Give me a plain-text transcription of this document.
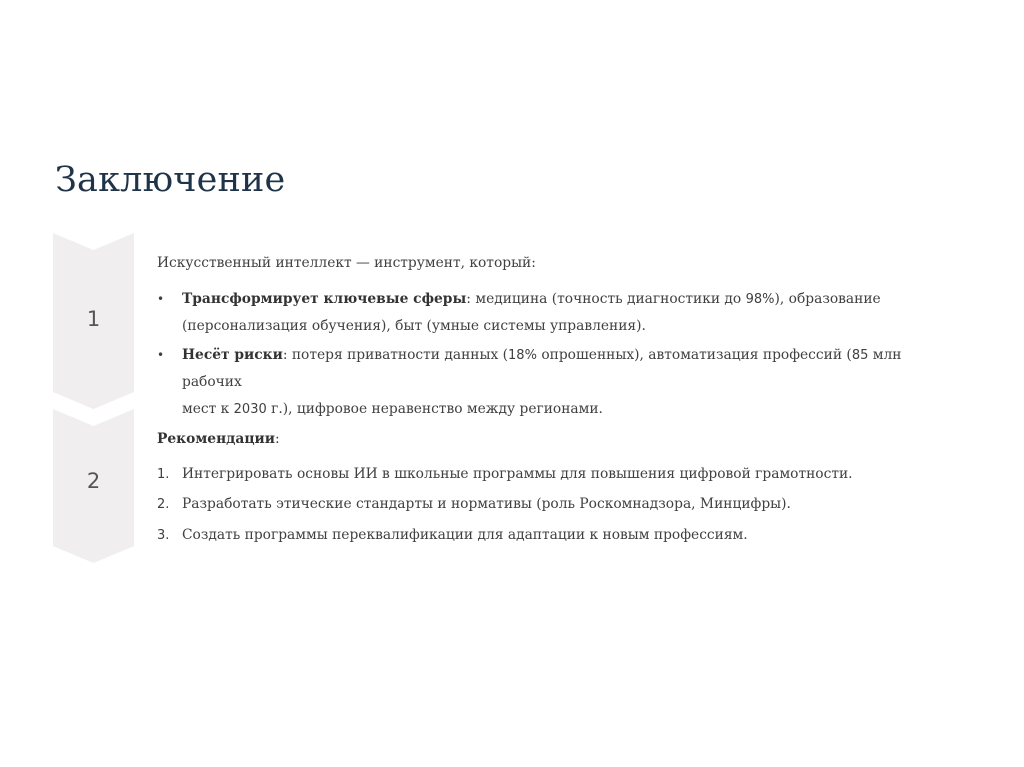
Заключение
1
2
Искусственный интеллект — инструмент, который:
• Трансформирует ключевые сферы: медицина (точность диагностики до 98%), образование
(персонализация обучения), быт (умные системы управления).
• Несёт риски: потеря приватности данных (18% опрошенных), автоматизация профессий (85 млн рабочих
мест к 2030 г.), цифровое неравенство между регионами.
Рекомендации:
1. Интегрировать основы ИИ в школьные программы для повышения цифровой грамотности.
2. Разработать этические стандарты и нормативы (роль Роскомнадзора, Минцифры).
3. Создать программы переквалификации для адаптации к новым профессиям.
